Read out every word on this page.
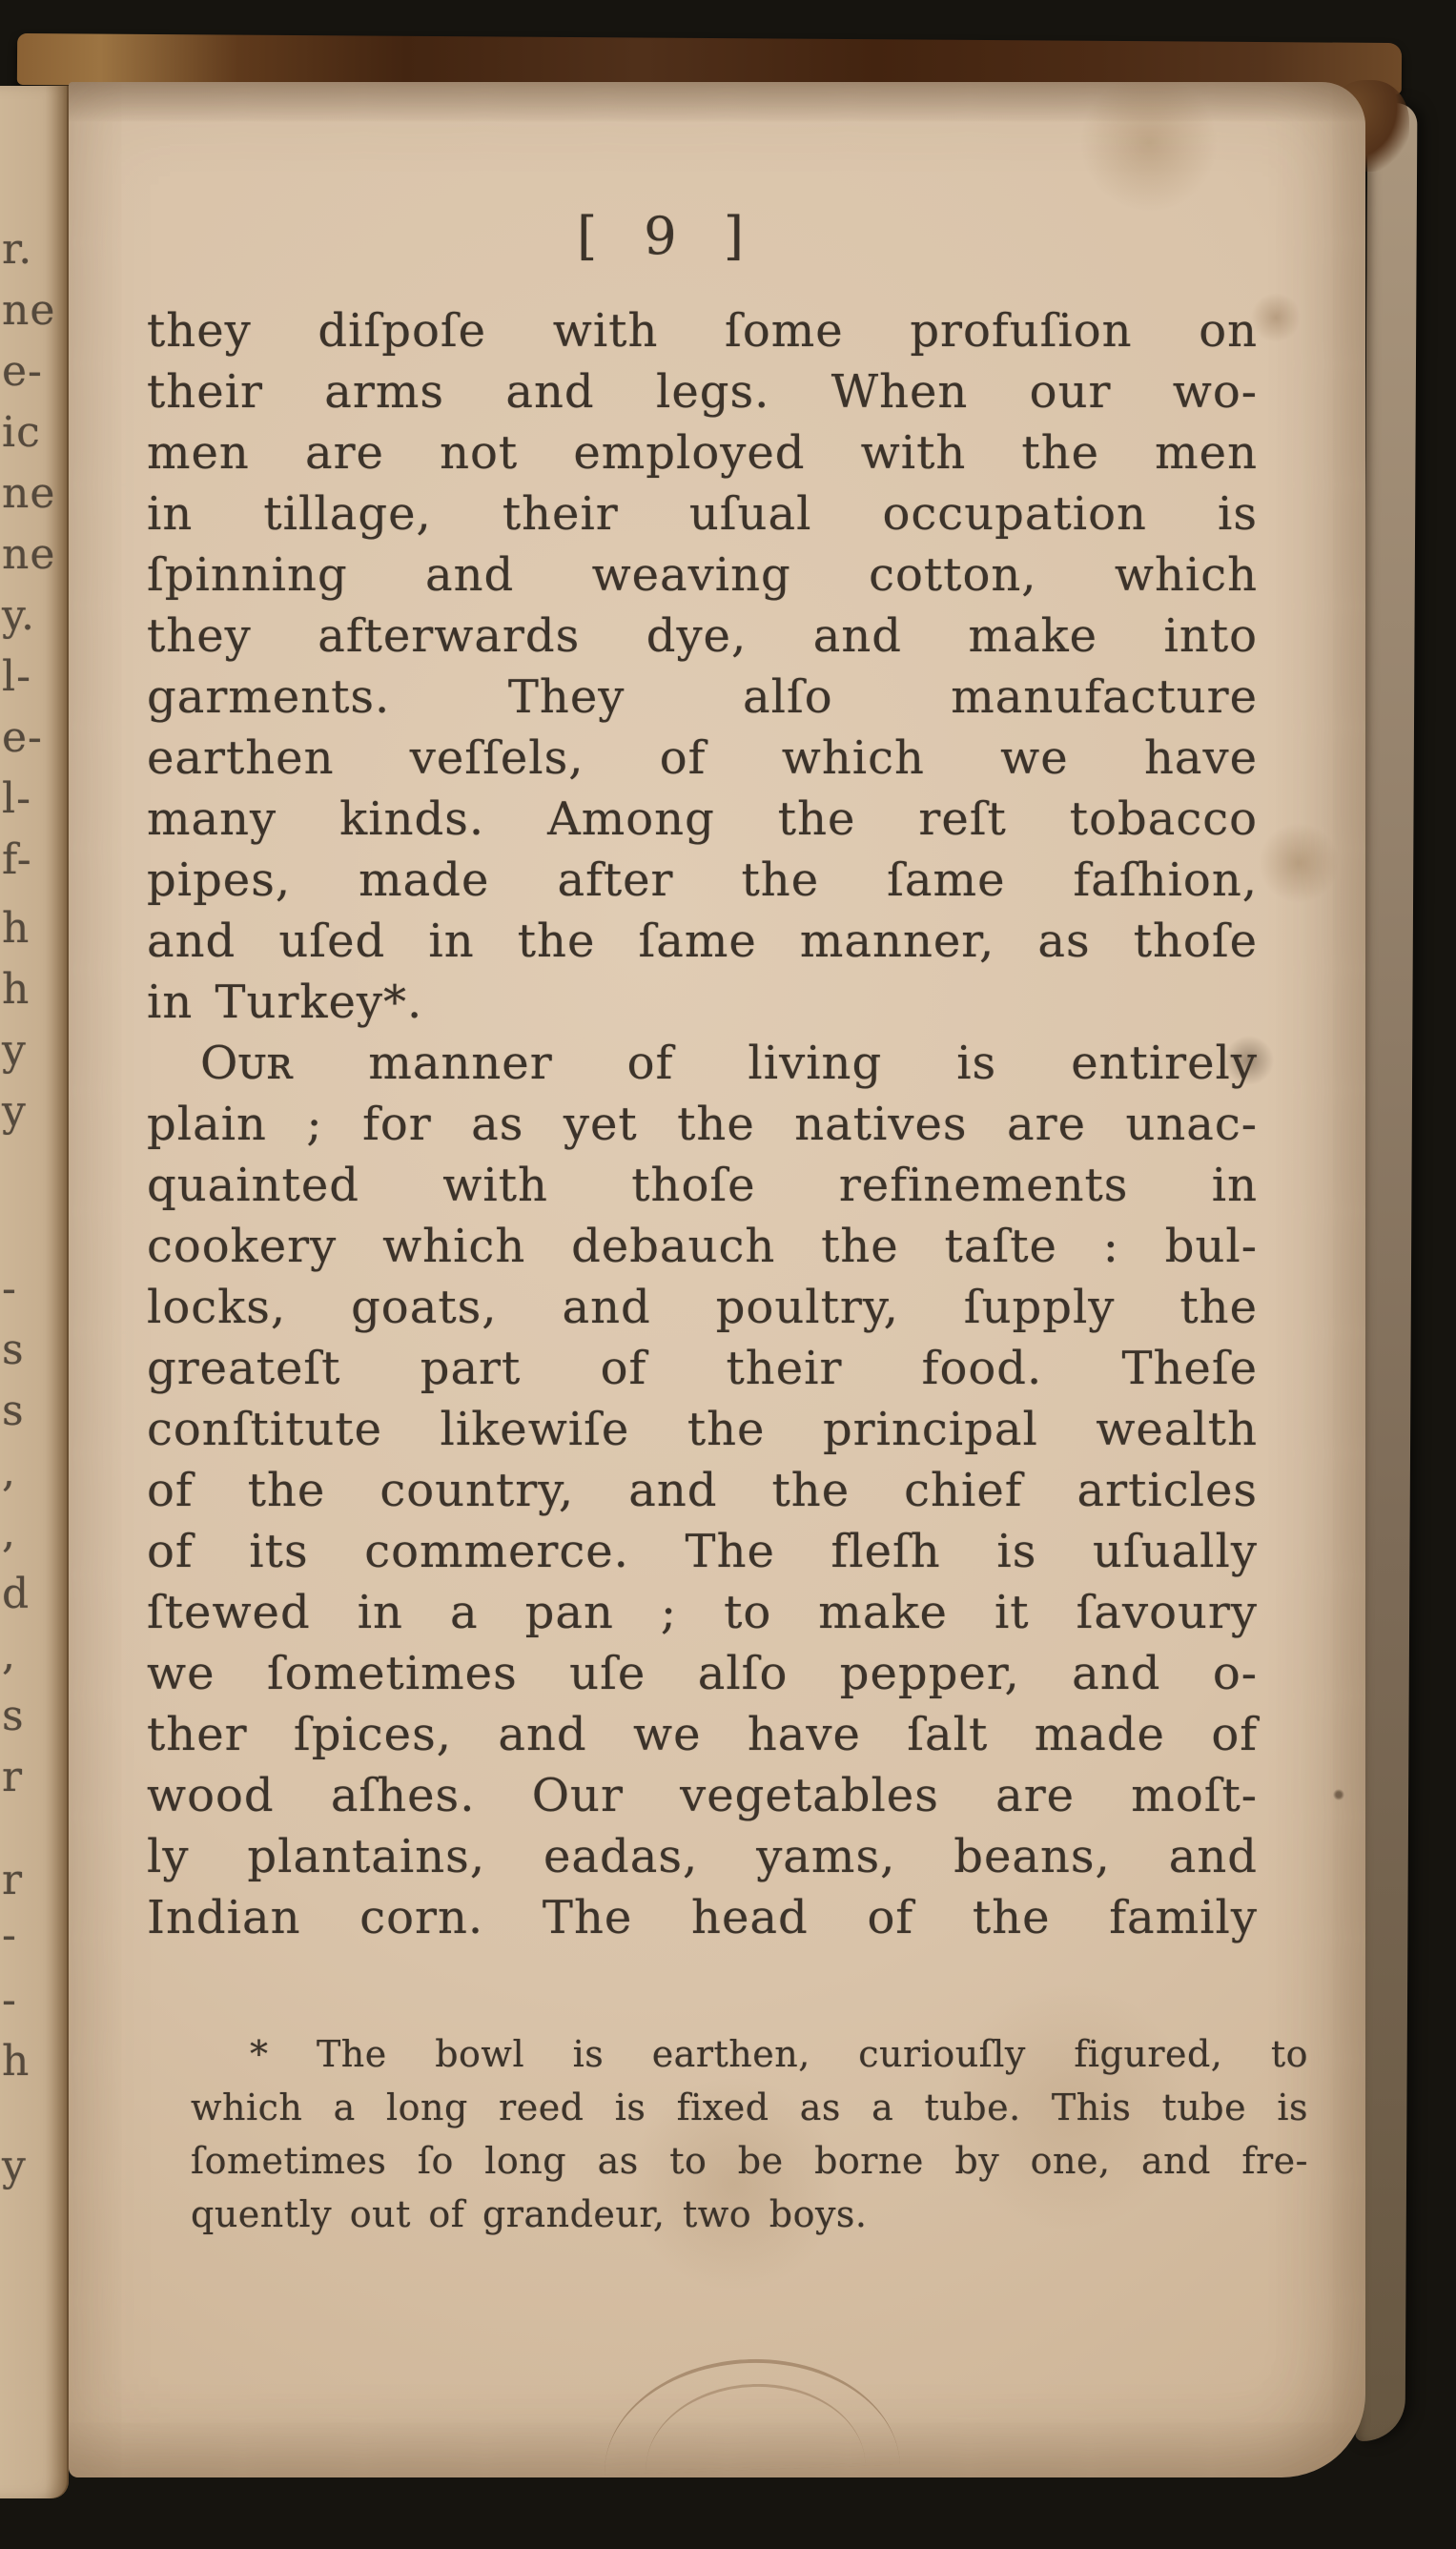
r.
ne
e-
ic
ne
ne
y.
l-
e-
l-
f-
h
h
y
y
-
s
s
,
,
d
,
s
r
r
-
-
h
y
[ 9 ]
they diſpoſe with ſome profuſion on
their arms and legs. When our wo-
men are not employed with the men
in tillage, their uſual occupation is
ſpinning and weaving cotton, which
they afterwards dye, and make into
garments. They alſo manufacture
earthen veſſels, of which we have
many kinds. Among the reſt tobacco
pipes, made after the ſame faſhion,
and uſed in the ſame manner, as thoſe
in Turkey*.
Oᴜʀ manner of living is entirely
plain ; for as yet the natives are unac-
quainted with thoſe refinements in
cookery which debauch the taſte : bul-
locks, goats, and poultry, ſupply the
greateſt part of their food. Theſe
conſtitute likewiſe the principal wealth
of the country, and the chief articles
of its commerce. The fleſh is uſually
ſtewed in a pan ; to make it ſavoury
we ſometimes uſe alſo pepper, and o-
ther ſpices, and we have ſalt made of
wood aſhes. Our vegetables are moſt-
ly plantains, eadas, yams, beans, and
Indian corn. The head of the family
* The bowl is earthen, curiouſly figured, to
which a long reed is fixed as a tube. This tube is
ſometimes ſo long as to be borne by one, and fre-
quently out of grandeur, two boys.
